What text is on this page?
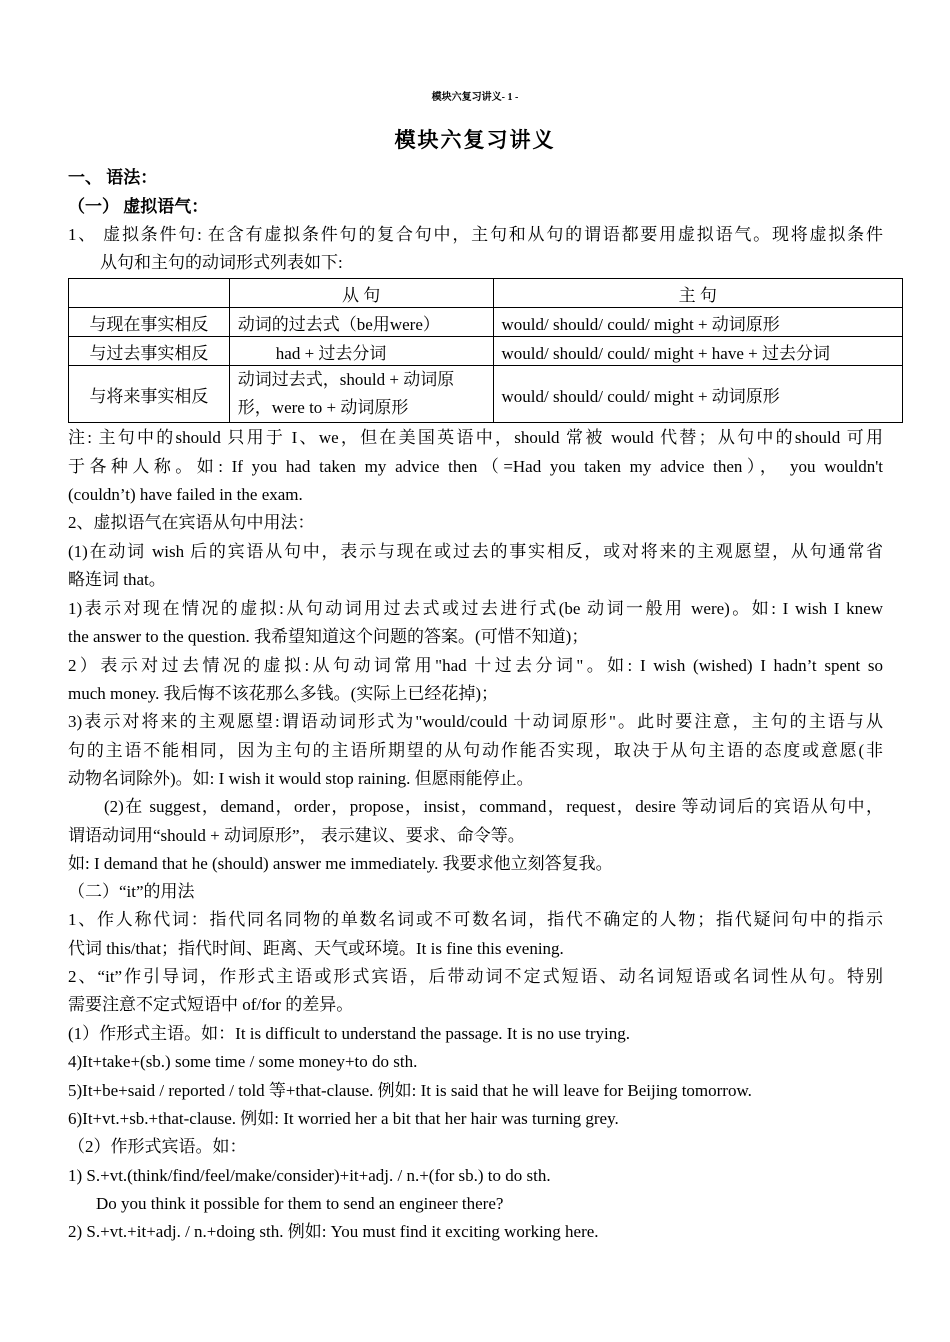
模块六复习讲义- 1 -
模块六复习讲义
一、 语法：
（一） 虚拟语气：
1、 虚拟条件句: 在含有虚拟条件句的复合句中，主句和从句的谓语都要用虚拟语气。现将虚拟条件
从句和主句的动词形式列表如下:
	从 句	主 句
与现在事实相反	动词的过去式（be用were）	would/ should/ could/ might + 动词原形
与过去事实相反	had + 过去分词	would/ should/ could/ might + have + 过去分词
与将来事实相反	动词过去式，should + 动词原
形，were to + 动词原形	would/ should/ could/ might + 动词原形
注: 主句中的should 只用于 I、we，但在美国英语中，should 常被 would 代替；从句中的should 可用
于各种人称。如: If you had taken my advice then（=Had you taken my advice then）， you wouldn't
(couldn’t) have failed in the exam.
2、虚拟语气在宾语从句中用法：
(1)在动词 wish 后的宾语从句中，表示与现在或过去的事实相反，或对将来的主观愿望，从句通常省
略连词 that。
1)表示对现在情况的虚拟:从句动词用过去式或过去进行式(be 动词一般用 were)。如: I wish I knew
the answer to the question. 我希望知道这个问题的答案。(可惜不知道)；
2）表示对过去情况的虚拟:从句动词常用"had 十过去分词"。如: I wish (wished) I hadn’t spent so
much money. 我后悔不该花那么多钱。(实际上已经花掉)；
3)表示对将来的主观愿望:谓语动词形式为"would/could 十动词原形"。此时要注意，主句的主语与从
句的主语不能相同，因为主句的主语所期望的从句动作能否实现，取决于从句主语的态度或意愿(非
动物名词除外)。如: I wish it would stop raining. 但愿雨能停止。
(2)在 suggest，demand，order，propose，insist，command，request，desire 等动词后的宾语从句中，
谓语动词用“should + 动词原形”， 表示建议、要求、命令等。
如: I demand that he (should) answer me immediately. 我要求他立刻答复我。
（二）“it”的用法
1、作人称代词：指代同名同物的单数名词或不可数名词，指代不确定的人物；指代疑问句中的指示
代词 this/that；指代时间、距离、天气或环境。It is fine this evening.
2、“it”作引导词，作形式主语或形式宾语，后带动词不定式短语、动名词短语或名词性从句。特别
需要注意不定式短语中 of/for 的差异。
(1）作形式主语。如：It is difficult to understand the passage. It is no use trying.
4)It+take+(sb.) some time / some money+to do sth.
5)It+be+said / reported / told 等+that-clause. 例如: It is said that he will leave for Beijing tomorrow.
6)It+vt.+sb.+that-clause. 例如: It worried her a bit that her hair was turning grey.
（2）作形式宾语。如：
1) S.+vt.(think/find/feel/make/consider)+it+adj. / n.+(for sb.) to do sth.
Do you think it possible for them to send an engineer there?
2) S.+vt.+it+adj. / n.+doing sth. 例如: You must find it exciting working here.
